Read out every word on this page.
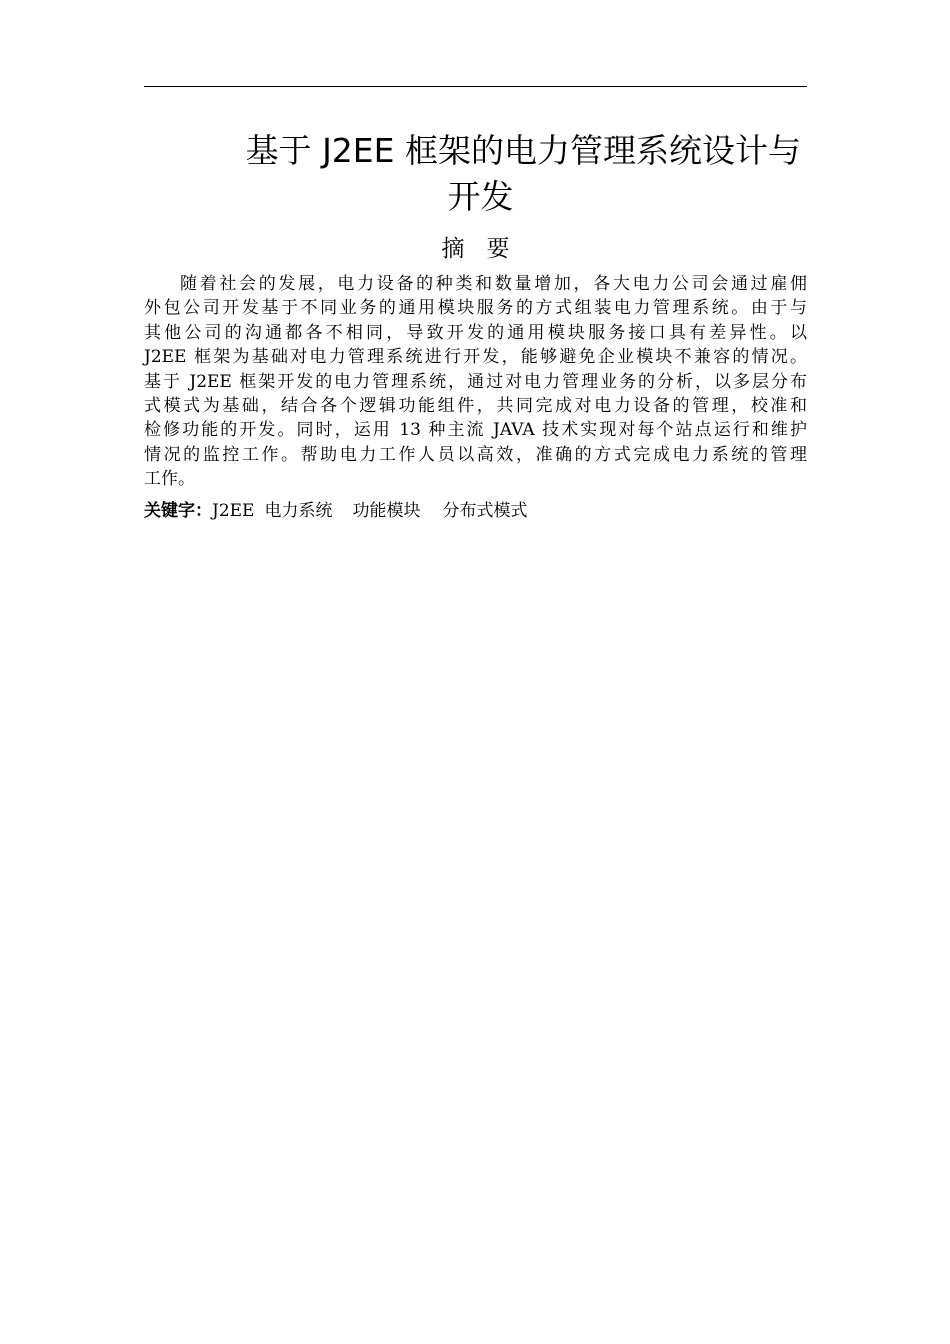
基于 J2EE 框架的电力管理系统设计与
开发
摘要

随着社会的发展，电力设备的种类和数量增加，各大电力公司会通过雇佣
外包公司开发基于不同业务的通用模块服务的方式组装电力管理系统。由于与
其他公司的沟通都各不相同，导致开发的通用模块服务接口具有差异性。以
J2EE 框架为基础对电力管理系统进行开发，能够避免企业模块不兼容的情况。
基于 J2EE 框架开发的电力管理系统，通过对电力管理业务的分析，以多层分布
式模式为基础，结合各个逻辑功能组件，共同完成对电力设备的管理，校准和
检修功能的开发。同时，运用 13 种主流 JAVA 技术实现对每个站点运行和维护
情况的监控工作。帮助电力工作人员以高效，准确的方式完成电力系统的管理
工作。

关键字：J2EE 电力系统 功能模块 分布式模式
